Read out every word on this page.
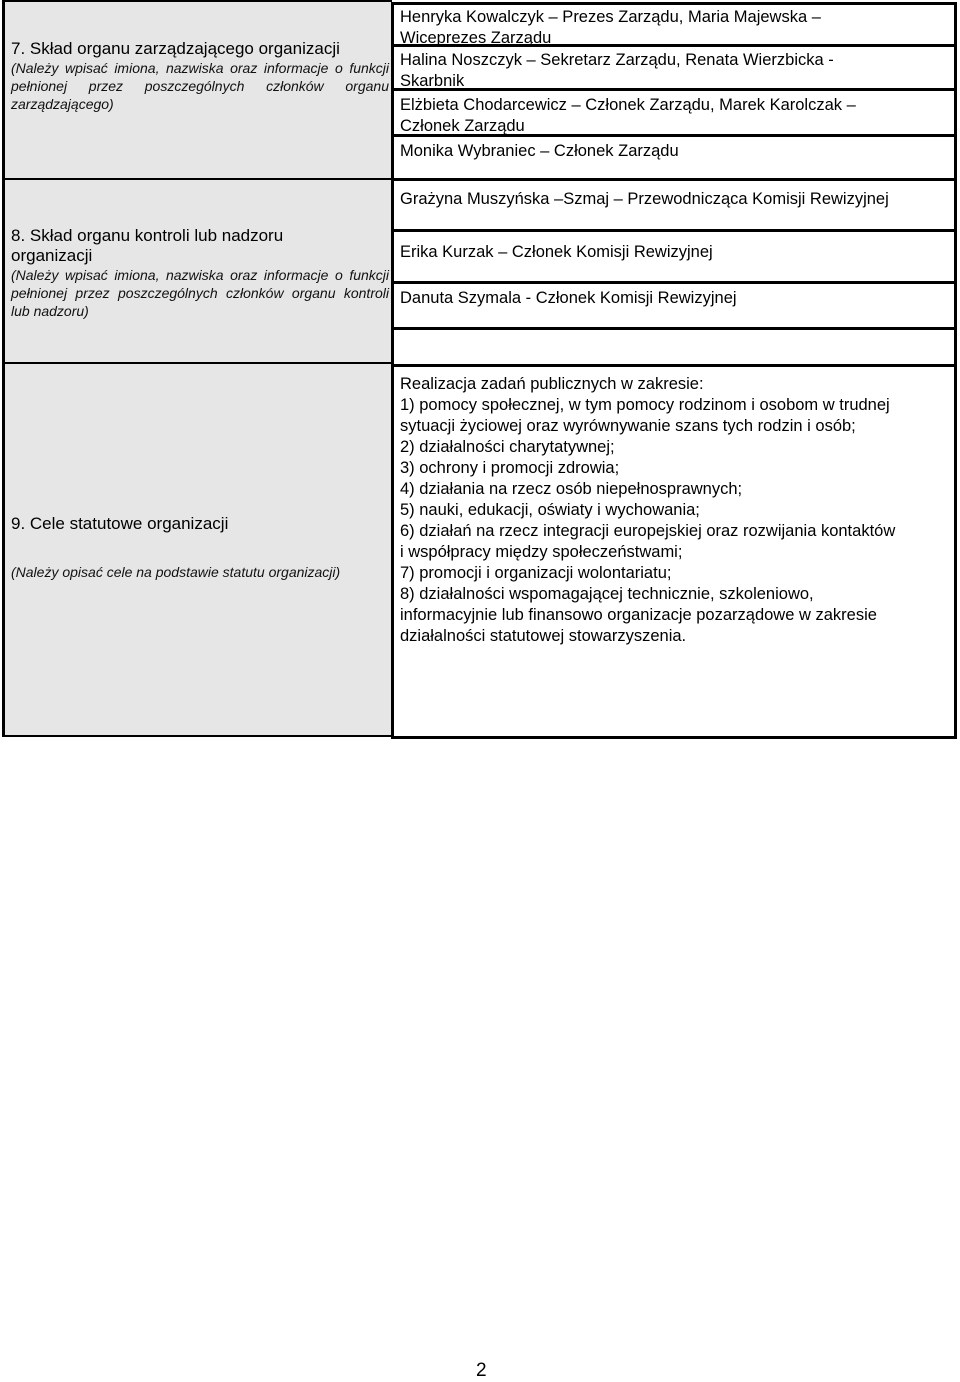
7. Skład organu zarządzającego organizacji
(Należy wpisać imiona, nazwiska oraz informacje o funkcji
pełnionej przez poszczególnych członków organu
zarządzającego)
Henryka Kowalczyk – Prezes Zarządu, Maria Majewska –
Wiceprezes Zarządu
Halina Noszczyk – Sekretarz Zarządu, Renata Wierzbicka -
Skarbnik
Elżbieta Chodarcewicz – Członek Zarządu, Marek Karolczak –
Członek Zarządu
Monika Wybraniec – Członek Zarządu
8. Skład organu kontroli lub nadzoru
organizacji
(Należy wpisać imiona, nazwiska oraz informacje o funkcji
pełnionej przez poszczególnych członków organu kontroli
lub nadzoru)
Grażyna Muszyńska –Szmaj – Przewodnicząca Komisji Rewizyjnej
Erika Kurzak – Członek Komisji Rewizyjnej
Danuta Szymala - Członek Komisji Rewizyjnej
9. Cele statutowe organizacji
(Należy opisać cele na podstawie statutu organizacji)
Realizacja zadań publicznych w zakresie:
1) pomocy społecznej, w tym pomocy rodzinom i osobom w trudnej
sytuacji życiowej oraz wyrównywanie szans tych rodzin i osób;
2) działalności charytatywnej;
3) ochrony i promocji zdrowia;
4) działania na rzecz osób niepełnosprawnych;
5) nauki, edukacji, oświaty i wychowania;
6) działań na rzecz integracji europejskiej oraz rozwijania kontaktów
i współpracy między społeczeństwami;
7) promocji i organizacji wolontariatu;
8) działalności wspomagającej technicznie, szkoleniowo,
informacyjnie lub finansowo organizacje pozarządowe w zakresie
działalności statutowej stowarzyszenia.
2
